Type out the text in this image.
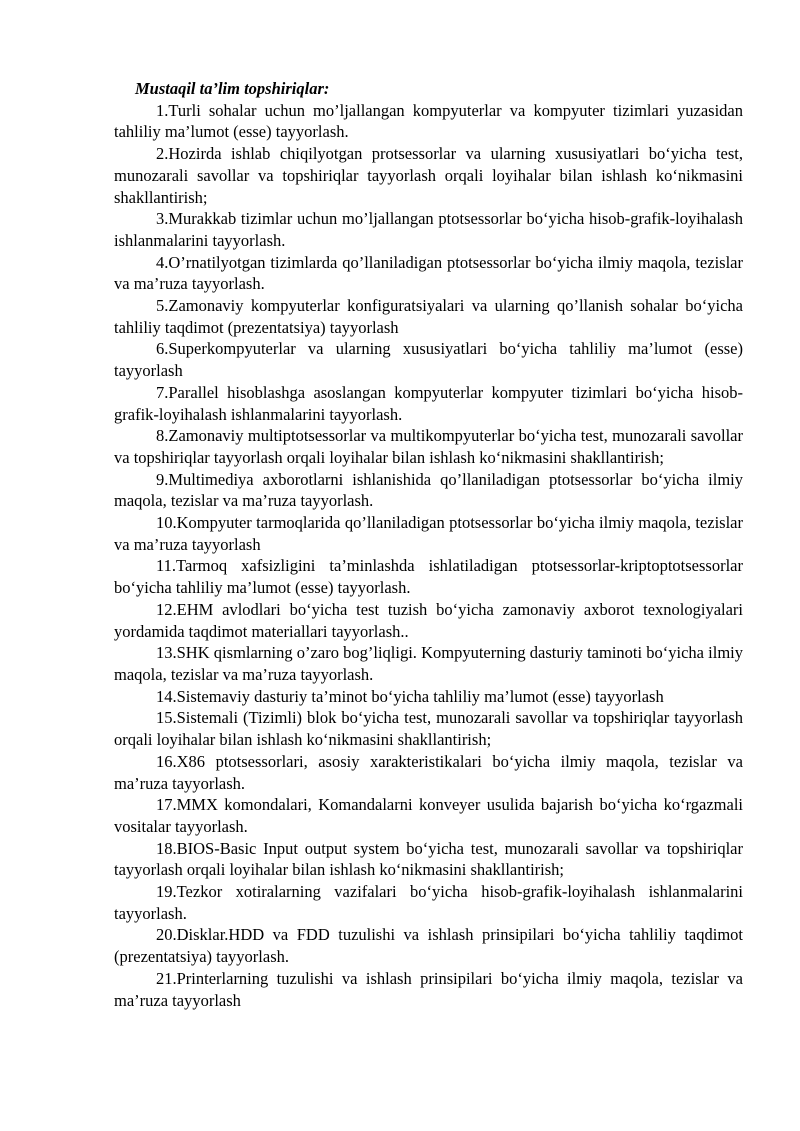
Mustaqil ta’lim topshiriqlar:

1.Turli sohalar uchun mo’ljallangan kompyuterlar va kompyuter tizimlari yuzasidan tahliliy ma’lumot (esse) tayyorlash.

2.Hozirda ishlab chiqilyotgan protsessorlar va ularning xususiyatlari bo‘yicha test, munozarali savollar va topshiriqlar tayyorlash orqali loyihalar bilan ishlash ko‘nikmasini shakllantirish;

3.Murakkab tizimlar uchun mo’ljallangan ptotsessorlar bo‘yicha hisob-grafik-loyihalash ishlanmalarini tayyorlash.

4.O’rnatilyotgan tizimlarda qo’llaniladigan ptotsessorlar bo‘yicha ilmiy maqola, tezislar va ma’ruza tayyorlash.

5.Zamonaviy kompyuterlar konfiguratsiyalari va ularning qo’llanish sohalar bo‘yicha tahliliy taqdimot (prezentatsiya) tayyorlash

6.Superkompyuterlar va ularning xususiyatlari bo‘yicha tahliliy ma’lumot (esse) tayyorlash

7.Parallel hisoblashga asoslangan kompyuterlar kompyuter tizimlari bo‘yicha hisob-grafik-loyihalash ishlanmalarini tayyorlash.

8.Zamonaviy multiptotsessorlar va multikompyuterlar bo‘yicha test, munozarali savollar va topshiriqlar tayyorlash orqali loyihalar bilan ishlash ko‘nikmasini shakllantirish;

9.Multimediya axborotlarni ishlanishida qo’llaniladigan ptotsessorlar bo‘yicha ilmiy maqola, tezislar va ma’ruza tayyorlash.

10.Kompyuter tarmoqlarida qo’llaniladigan ptotsessorlar bo‘yicha ilmiy maqola, tezislar va ma’ruza tayyorlash

11.Tarmoq xafsizligini ta’minlashda ishlatiladigan ptotsessorlar-kriptoptotsessorlar bo‘yicha tahliliy ma’lumot (esse) tayyorlash.

12.EHM avlodlari bo‘yicha test tuzish bo‘yicha zamonaviy axborot texnologiyalari yordamida taqdimot materiallari tayyorlash..

13.SHK qismlarning o’zaro bog’liqligi. Kompyuterning dasturiy taminoti bo‘yicha ilmiy maqola, tezislar va ma’ruza tayyorlash.

14.Sistemaviy dasturiy ta’minot bo‘yicha tahliliy ma’lumot (esse) tayyorlash

15.Sistemali (Tizimli) blok bo‘yicha test, munozarali savollar va topshiriqlar tayyorlash orqali loyihalar bilan ishlash ko‘nikmasini shakllantirish;

16.X86 ptotsessorlari, asosiy xarakteristikalari bo‘yicha ilmiy maqola, tezislar va ma’ruza tayyorlash.

17.MMX komondalari, Komandalarni konveyer usulida bajarish bo‘yicha ko‘rgazmali vositalar tayyorlash.

18.BIOS-Basic Input output system bo‘yicha test, munozarali savollar va topshiriqlar tayyorlash orqali loyihalar bilan ishlash ko‘nikmasini shakllantirish;

19.Tezkor xotiralarning vazifalari bo‘yicha hisob-grafik-loyihalash ishlanmalarini tayyorlash.

20.Disklar.HDD va FDD tuzulishi va ishlash prinsipilari bo‘yicha tahliliy taqdimot (prezentatsiya) tayyorlash.

21.Printerlarning tuzulishi va ishlash prinsipilari bo‘yicha ilmiy maqola, tezislar va ma’ruza tayyorlash
